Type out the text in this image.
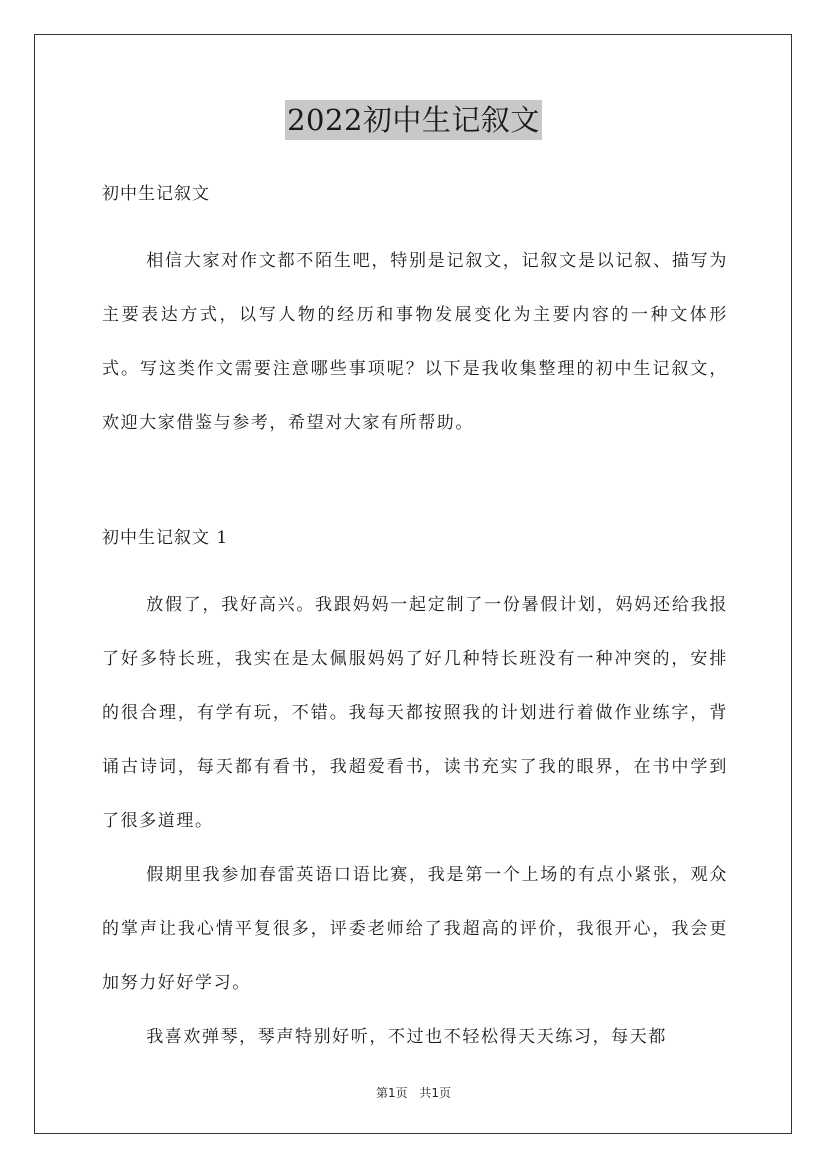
2022初中生记叙文

初中生记叙文

相信大家对作文都不陌生吧，特别是记叙文，记叙文是以记叙、描写为主要表达方式，以写人物的经历和事物发展变化为主要内容的一种文体形式。写这类作文需要注意哪些事项呢？以下是我收集整理的初中生记叙文，欢迎大家借鉴与参考，希望对大家有所帮助。

初中生记叙文 1

放假了，我好高兴。我跟妈妈一起定制了一份暑假计划，妈妈还给我报了好多特长班，我实在是太佩服妈妈了好几种特长班没有一种冲突的，安排的很合理，有学有玩，不错。我每天都按照我的计划进行着做作业练字，背诵古诗词，每天都有看书，我超爱看书，读书充实了我的眼界，在书中学到了很多道理。

假期里我参加春雷英语口语比赛，我是第一个上场的有点小紧张，观众的掌声让我心情平复很多，评委老师给了我超高的评价，我很开心，我会更加努力好好学习。

我喜欢弹琴，琴声特别好听，不过也不轻松得天天练习，每天都

第1页 共1页
